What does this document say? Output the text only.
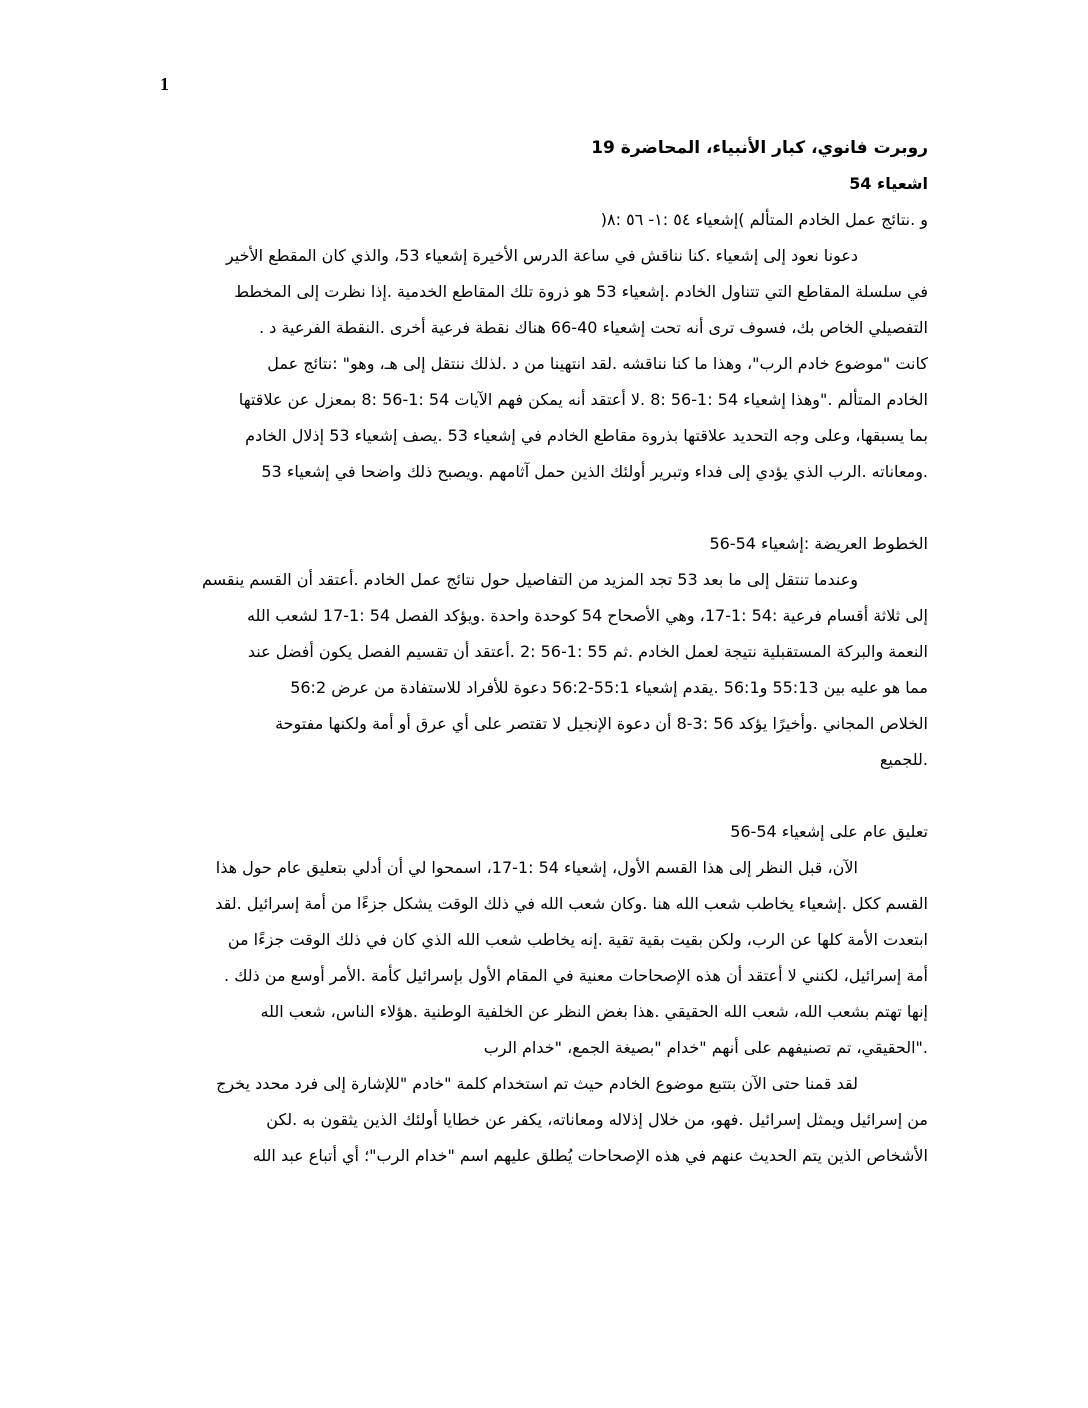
1

روبرت فانوي، كبار الأنبياء، المحاضرة 19

اشعياء 54

و .نتائج عمل الخادم المتألم )إشعياء ٥٤ :١- ٥٦ :٨(

دعونا نعود إلى إشعياء .كنا نناقش في ساعة الدرس الأخيرة إشعياء 53، والذي كان المقطع الأخير

في سلسلة المقاطع التي تتناول الخادم .إشعياء 53 هو ذروة تلك المقاطع الخدمية .إذا نظرت إلى المخطط

التفصيلي الخاص بك، فسوف ترى أنه تحت إشعياء 40-66 هناك نقطة فرعية أخرى .النقطة الفرعية د .

كانت "موضوع خادم الرب"، وهذا ما كنا نناقشه .لقد انتهينا من د .لذلك ننتقل إلى هـ، وهو" :نتائج عمل

الخادم المتألم ."وهذا إشعياء 54 :1-56 :8 .لا أعتقد أنه يمكن فهم الآيات 54 :1-56 :8 بمعزل عن علاقتها

بما يسبقها، وعلى وجه التحديد علاقتها بذروة مقاطع الخادم في إشعياء 53 .يصف إشعياء 53 إذلال الخادم

.ومعاناته .الرب الذي يؤدي إلى فداء وتبرير أولئك الذين حمل آثامهم .ويصبح ذلك واضحا في إشعياء 53

الخطوط العريضة :إشعياء 54-56

وعندما تنتقل إلى ما بعد 53 تجد المزيد من التفاصيل حول نتائج عمل الخادم .أعتقد أن القسم ينقسم

إلى ثلاثة أقسام فرعية :54 :1-17، وهي الأصحاح 54 كوحدة واحدة .ويؤكد الفصل 54 :1-17 لشعب الله

النعمة والبركة المستقبلية نتيجة لعمل الخادم .ثم 55 :1-56 :2 .أعتقد أن تقسيم الفصل يكون أفضل عند

مما هو عليه بين 55:13 و56:1 .يقدم إشعياء 55:1-56:2 دعوة للأفراد للاستفادة من عرض 56:2

الخلاص المجاني .وأخيرًا يؤكد 56 :3-8 أن دعوة الإنجيل لا تقتصر على أي عرق أو أمة ولكنها مفتوحة

.للجميع

تعليق عام على إشعياء 54-56

الآن، قبل النظر إلى هذا القسم الأول، إشعياء 54 :1-17، اسمحوا لي أن أدلي بتعليق عام حول هذا

القسم ككل .إشعياء يخاطب شعب الله هنا .وكان شعب الله في ذلك الوقت يشكل جزءًا من أمة إسرائيل .لقد

ابتعدت الأمة كلها عن الرب، ولكن بقيت بقية تقية .إنه يخاطب شعب الله الذي كان في ذلك الوقت جزءًا من

أمة إسرائيل، لكنني لا أعتقد أن هذه الإصحاحات معنية في المقام الأول بإسرائيل كأمة .الأمر أوسع من ذلك .

إنها تهتم بشعب الله، شعب الله الحقيقي .هذا بغض النظر عن الخلفية الوطنية .هؤلاء الناس، شعب الله

."الحقيقي، تم تصنيفهم على أنهم "خدام "بصيغة الجمع، "خدام الرب

لقد قمنا حتى الآن بتتبع موضوع الخادم حيث تم استخدام كلمة "خادم "للإشارة إلى فرد محدد يخرج

من إسرائيل ويمثل إسرائيل .فهو، من خلال إذلاله ومعاناته، يكفر عن خطايا أولئك الذين يثقون به .لكن

الأشخاص الذين يتم الحديث عنهم في هذه الإصحاحات يُطلق عليهم اسم "خدام الرب"؛ أي أتباع عبد الله
